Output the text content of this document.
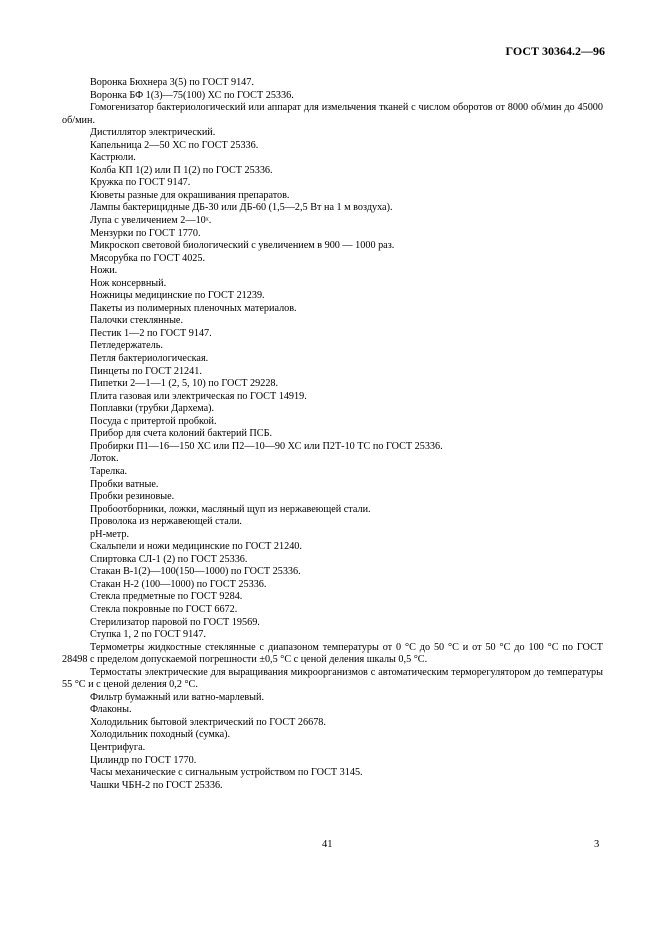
ГОСТ 30364.2—96
Воронка Бюхнера 3(5) по ГОСТ 9147.
Воронка БФ 1(3)—75(100) ХС по ГОСТ 25336.
Гомогенизатор бактериологический или аппарат для измельчения тканей с числом оборотов от 8000 об/мин до 45000 об/мин.
Дистиллятор электрический.
Капельница 2—50 ХС по ГОСТ 25336.
Кастрюли.
Колба КП 1(2) или П 1(2) по ГОСТ 25336.
Кружка по ГОСТ 9147.
Кюветы разные для окрашивания препаратов.
Лампы бактерицидные ДБ-30 или ДБ-60 (1,5—2,5 Вт на 1 м воздуха).
Лупа с увеличением 2—10ˣ.
Мензурки по ГОСТ 1770.
Микроскоп световой биологический с увеличением в 900 — 1000 раз.
Мясорубка по ГОСТ 4025.
Ножи.
Нож консервный.
Ножницы медицинские по ГОСТ 21239.
Пакеты из полимерных пленочных материалов.
Палочки стеклянные.
Пестик 1—2 по ГОСТ 9147.
Петледержатель.
Петля бактериологическая.
Пинцеты по ГОСТ 21241.
Пипетки 2—1—1 (2, 5, 10) по ГОСТ 29228.
Плита газовая или электрическая по ГОСТ 14919.
Поплавки (трубки Дархема).
Посуда с притертой пробкой.
Прибор для счета колоний бактерий ПСБ.
Пробирки П1—16—150 ХС или П2—10—90 ХС или П2Т-10 ТС по ГОСТ 25336.
Лоток.
Тарелка.
Пробки ватные.
Пробки резиновые.
Пробоотборники, ложки, масляный щуп из нержавеющей стали.
Проволока из нержавеющей стали.
pH-метр.
Скальпели и ножи медицинские по ГОСТ 21240.
Спиртовка СЛ-1 (2) по ГОСТ 25336.
Стакан В-1(2)—100(150—1000) по ГОСТ 25336.
Стакан Н-2 (100—1000) по ГОСТ 25336.
Стекла предметные по ГОСТ 9284.
Стекла покровные по ГОСТ 6672.
Стерилизатор паровой по ГОСТ 19569.
Ступка 1, 2 по ГОСТ 9147.
Термометры жидкостные стеклянные с диапазоном температуры от 0 °С до 50 °С и от 50 °С до 100 °С по ГОСТ 28498 с пределом допускаемой погрешности ±0,5 °С с ценой деления шкалы 0,5 °С.
Термостаты электрические для выращивания микроорганизмов с автоматическим терморегулятором до температуры 55 °С и с ценой деления 0,2 °С.
Фильтр бумажный или ватно-марлевый.
Флаконы.
Холодильник бытовой электрический по ГОСТ 26678.
Холодильник походный (сумка).
Центрифуга.
Цилиндр по ГОСТ 1770.
Часы механические с сигнальным устройством по ГОСТ 3145.
Чашки ЧБН-2 по ГОСТ 25336.
41	3
